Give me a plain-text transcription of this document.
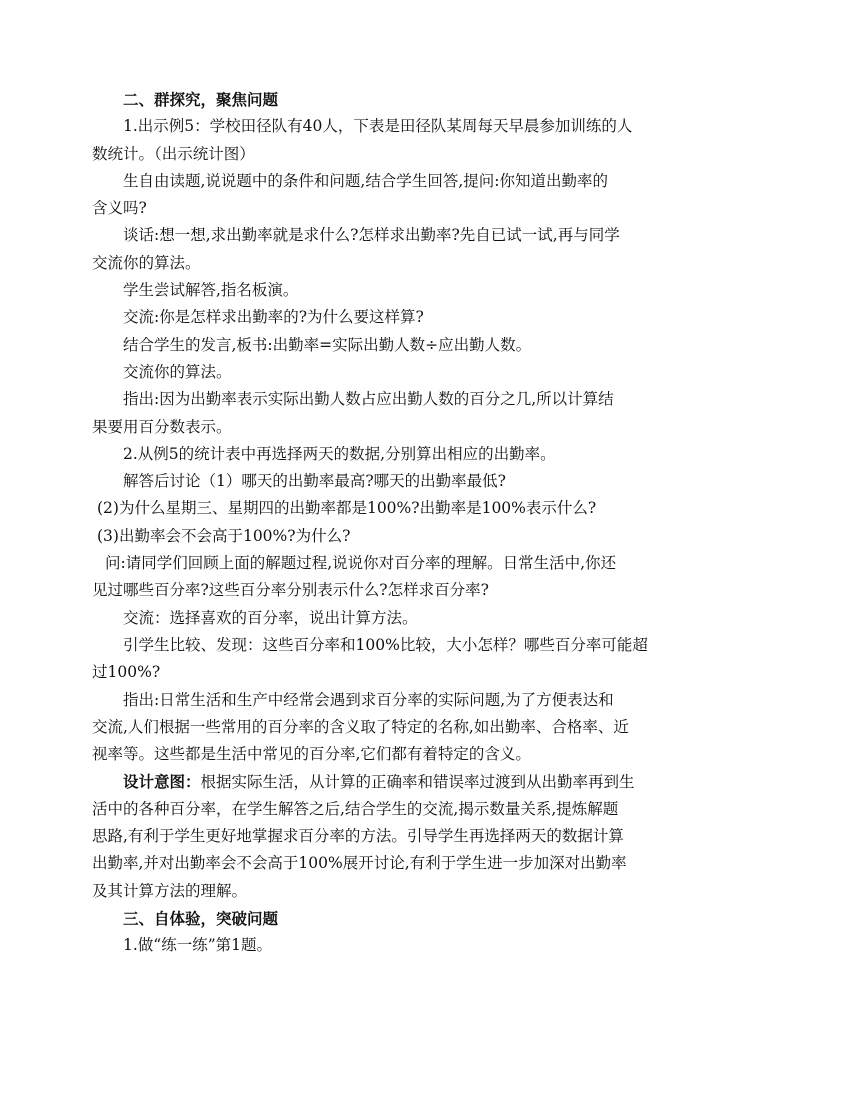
二、群探究，聚焦问题
1.出示例5：学校田径队有40人，下表是田径队某周每天早晨参加训练的人
数统计。（出示统计图）
生自由读题,说说题中的条件和问题,结合学生回答,提问:你知道出勤率的
含义吗?
谈话:想一想,求出勤率就是求什么?怎样求出勤率?先自已试一试,再与同学
交流你的算法。
学生尝试解答,指名板演。
交流:你是怎样求出勤率的?为什么要这样算?
结合学生的发言,板书:出勤率=实际出勤人数÷应出勤人数。
交流你的算法。
指出:因为出勤率表示实际出勤人数占应出勤人数的百分之几,所以计算结
果要用百分数表示。
2.从例5的统计表中再选择两天的数据,分别算出相应的出勤率。
解答后讨论（1）哪天的出勤率最高?哪天的出勤率最低?
(2)为什么星期三、星期四的出勤率都是100%?出勤率是100%表示什么?
(3)出勤率会不会高于100%?为什么?
问:请同学们回顾上面的解题过程,说说你对百分率的理解。日常生活中,你还
见过哪些百分率?这些百分率分别表示什么?怎样求百分率?
交流：选择喜欢的百分率，说出计算方法。
引学生比较、发现：这些百分率和100%比较，大小怎样？哪些百分率可能超
过100%?
指出:日常生活和生产中经常会遇到求百分率的实际问题,为了方便表达和
交流,人们根据一些常用的百分率的含义取了特定的名称,如出勤率、合格率、近
视率等。这些都是生活中常见的百分率,它们都有着特定的含义。
设计意图：根据实际生活，从计算的正确率和错误率过渡到从出勤率再到生
活中的各种百分率，在学生解答之后,结合学生的交流,揭示数量关系,提炼解题
思路,有利于学生更好地掌握求百分率的方法。引导学生再选择两天的数据计算
出勤率,并对出勤率会不会高于100%展开讨论,有利于学生进一步加深对出勤率
及其计算方法的理解。
三、自体验，突破问题
1.做“练一练”第1题。
